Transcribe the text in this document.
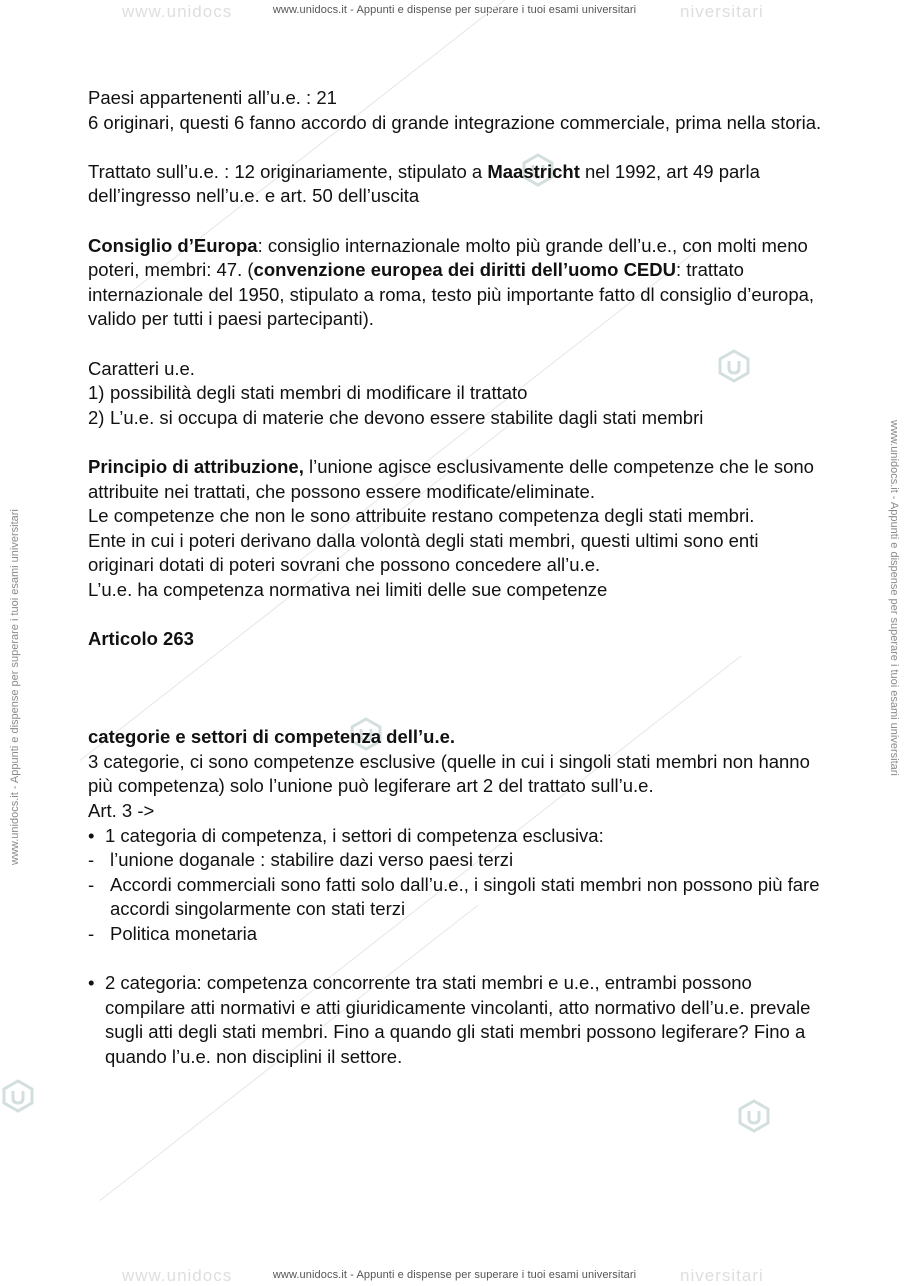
www.unidocs	niversitari
www.unidocs.it - Appunti e dispense per superare i tuoi esami universitari
www.unidocs	niversitari
www.unidocs.it - Appunti e dispense per superare i tuoi esami universitari
www.unidocs.it - Appunti e dispense per superare i tuoi esami universitari	www.unidocs.it - Appunti e dispense per superare i tuoi esami universitari

Paesi appartenenti all’u.e. : 21

6 originari, questi 6 fanno accordo di grande integrazione commerciale, prima nella storia.

Trattato sull’u.e. : 12 originariamente, stipulato a Maastricht nel 1992, art 49 parla dell’ingresso nell’u.e. e art. 50 dell’uscita

Consiglio d’Europa: consiglio internazionale molto più grande dell’u.e., con molti meno poteri, membri: 47. (convenzione europea dei diritti dell’uomo CEDU: trattato internazionale del 1950, stipulato a roma, testo più importante fatto dl consiglio d’europa, valido per tutti i paesi partecipanti).

Caratteri u.e.

1) possibilità degli stati membri di modificare il trattato
2) L’u.e. si occupa di materie che devono essere stabilite dagli stati membri

Principio di attribuzione, l’unione agisce esclusivamente delle competenze che le sono attribuite nei trattati, che possono essere modificate/eliminate.

Le competenze che non le sono attribuite restano competenza degli stati membri.

Ente in cui i poteri derivano dalla volontà degli stati membri, questi ultimi sono enti originari dotati di poteri sovrani che possono concedere all’u.e.

L’u.e. ha competenza normativa nei limiti delle sue competenze

Articolo 263

categorie e settori di competenza dell’u.e.

3 categorie, ci sono competenze esclusive (quelle in cui i singoli stati membri non hanno più competenza) solo l’unione può legiferare art 2 del trattato sull’u.e.

Art. 3 ->

• 1 categoria di competenza, i settori di competenza esclusiva:
- l’unione doganale : stabilire dazi verso paesi terzi
- Accordi commerciali sono fatti solo dall’u.e., i singoli stati membri non possono più fare accordi singolarmente con stati terzi
- Politica monetaria
• 2 categoria: competenza concorrente tra stati membri e u.e., entrambi possono compilare atti normativi e atti giuridicamente vincolanti, atto normativo dell’u.e. prevale sugli atti degli stati membri. Fino a quando gli stati membri possono legiferare? Fino a quando l’u.e. non disciplini il settore.
